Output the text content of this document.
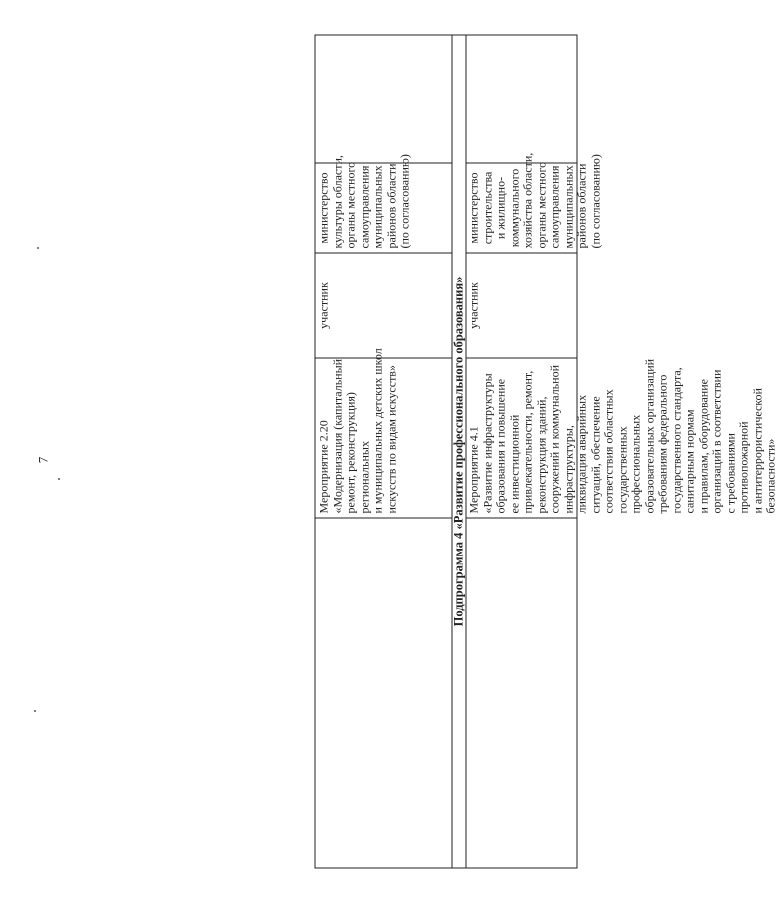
7	Мероприятие 2.20 «Модернизация (капитальный ремонт, реконструкция) региональных и муниципальных детских школ искусств по видам искусств»
участник
министерство культуры области, органы местного самоуправления муниципальных районов области (по согласованию)
Подпрограмма 4 «Развитие профессионального образования» Мероприятие 4.1 «Развитие инфраструктуры образования и повышение ее инвестиционной привлекательности, ремонт, реконструкция зданий, сооружений и коммунальной инфраструктуры, ликвидация аварийных ситуаций, обеспечение соответствия областных государственных профессиональных образовательных организаций требованиям федерального государственного стандарта, санитарным нормам и правилам, оборудование организаций в соответствии с требованиями противопожарной и антитеррористической безопасности»
участник
министерство строительства и жилищно- коммунального хозяйства области, органы местного самоуправления муниципальных районов области (по согласованию)
